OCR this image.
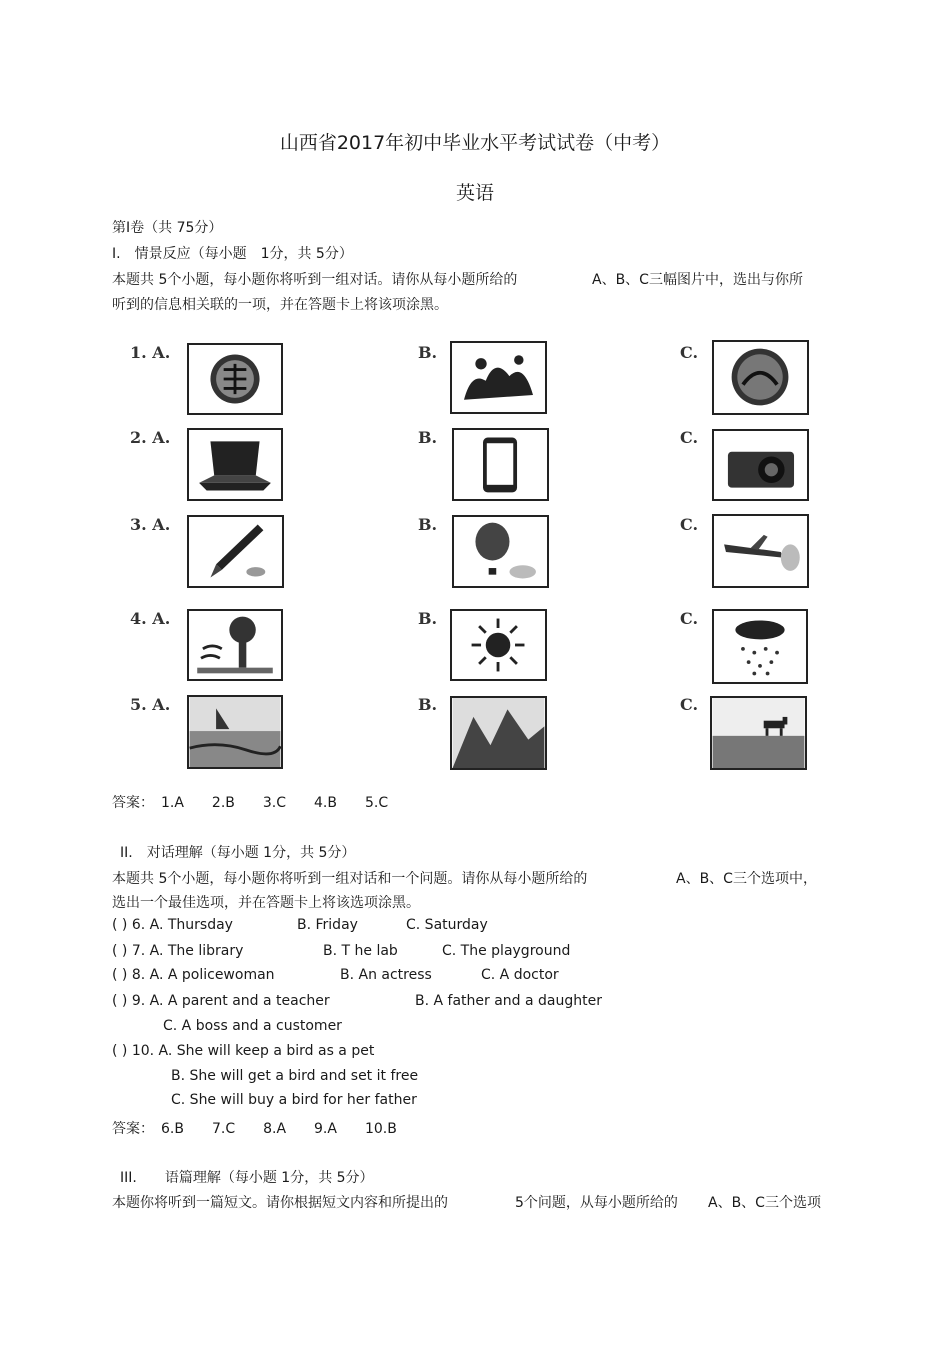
山西省2017年初中毕业水平考试试卷（中考）
英语
第Ⅰ卷（共 75分）
I.　情景反应（每小题　1分，共 5分）
本题共 5个小题，每小题你将听到一组对话。请你从每小题所给的	A、B、C三幅图片中，选出与你所
听到的信息相关联的一项，并在答题卡上将该项涂黑。
1. A.	B.	C.
2. A.	B.	C.
3. A.	B.	C.
4. A.	B.	C.
5. A.	B.	C.
答案：　1.A　　2.B　　3.C　　4.B　　5.C
II.　对话理解（每小题 1分，共 5分）
本题共 5个小题，每小题你将听到一组对话和一个问题。请你从每小题所给的	A、B、C三个选项中，
选出一个最佳选项，并在答题卡上将该选项涂黑。
( ) 6. A. Thursday	B. Friday	C. Saturday
( ) 7. A. The library	B. T he lab	C. The playground
( ) 8. A. A policewoman	B. An actress	C. A doctor
( ) 9. A. A parent and a teacher	B. A father and a daughter
C. A boss and a customer
( ) 10. A. She will keep a bird as a pet
B. She will get a bird and set it free
C. She will buy a bird for her father
答案：　6.B　　7.C　　8.A　　9.A　　10.B
III.　　语篇理解（每小题 1分，共 5分）
本题你将听到一篇短文。请你根据短文内容和所提出的	5个问题，从每小题所给的 A、B、C三个选项
